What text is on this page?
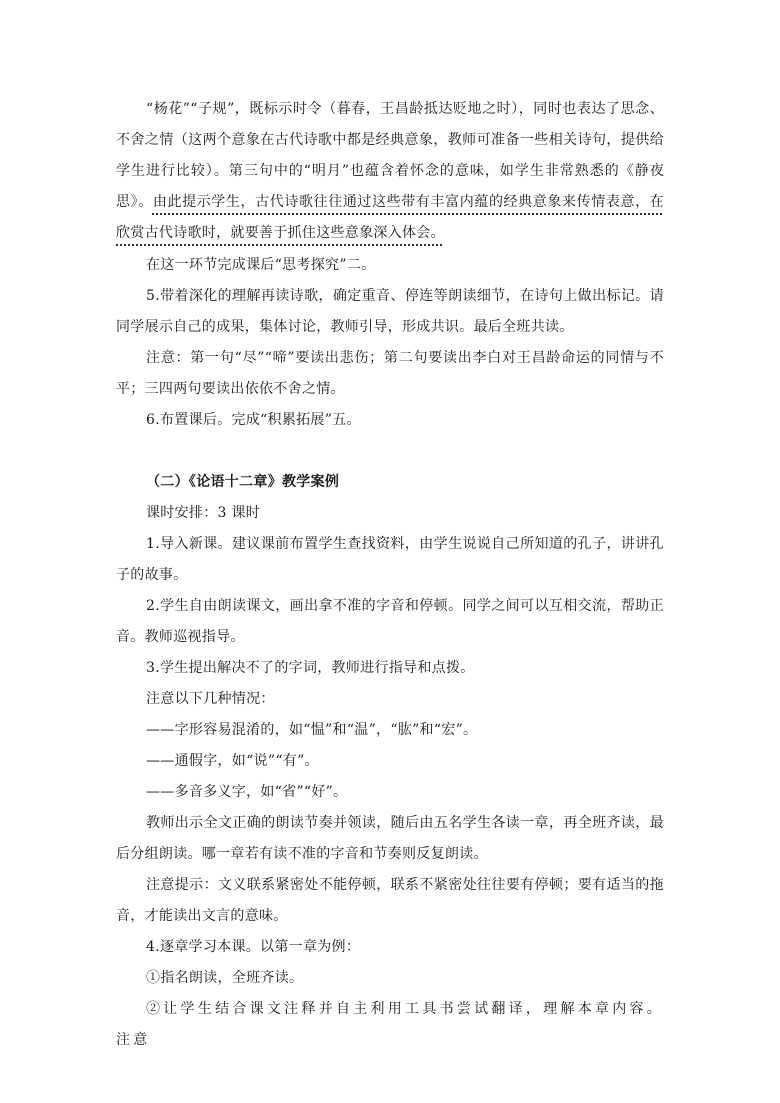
“杨花”“子规”，既标示时令（暮春，王昌龄抵达贬地之时），同时也表达了思念、不舍之情（这两个意象在古代诗歌中都是经典意象，教师可准备一些相关诗句，提供给学生进行比较）。第三句中的“明月”也蕴含着怀念的意味，如学生非常熟悉的《静夜思》。由此提示学生，古代诗歌往往通过这些带有丰富内蕴的经典意象来传情表意，在欣赏古代诗歌时，就要善于抓住这些意象深入体会。

在这一环节完成课后“思考探究”二。

5.带着深化的理解再读诗歌，确定重音、停连等朗读细节，在诗句上做出标记。请同学展示自己的成果，集体讨论，教师引导，形成共识。最后全班共读。

注意：第一句“尽”“啼”要读出悲伤；第二句要读出李白对王昌龄命运的同情与不平；三四两句要读出依依不舍之情。

6.布置课后。完成“积累拓展”五。

（二）《论语十二章》教学案例

课时安排：3 课时

1.导入新课。建议课前布置学生查找资料，由学生说说自己所知道的孔子，讲讲孔子的故事。

2.学生自由朗读课文，画出拿不准的字音和停顿。同学之间可以互相交流，帮助正音。教师巡视指导。

3.学生提出解决不了的字词，教师进行指导和点拨。

注意以下几种情况：

——字形容易混淆的，如“愠”和“温”，“肱”和“宏”。

——通假字，如“说”“有”。

——多音多义字，如“省”“好”。

教师出示全文正确的朗读节奏并领读，随后由五名学生各读一章，再全班齐读，最后分组朗读。哪一章若有读不准的字音和节奏则反复朗读。

注意提示：文义联系紧密处不能停顿，联系不紧密处往往要有停顿；要有适当的拖音，才能读出文言的意味。

4.逐章学习本课。以第一章为例：

①指名朗读，全班齐读。

②让学生结合课文注释并自主利用工具书尝试翻译，理解本章内容。注意
